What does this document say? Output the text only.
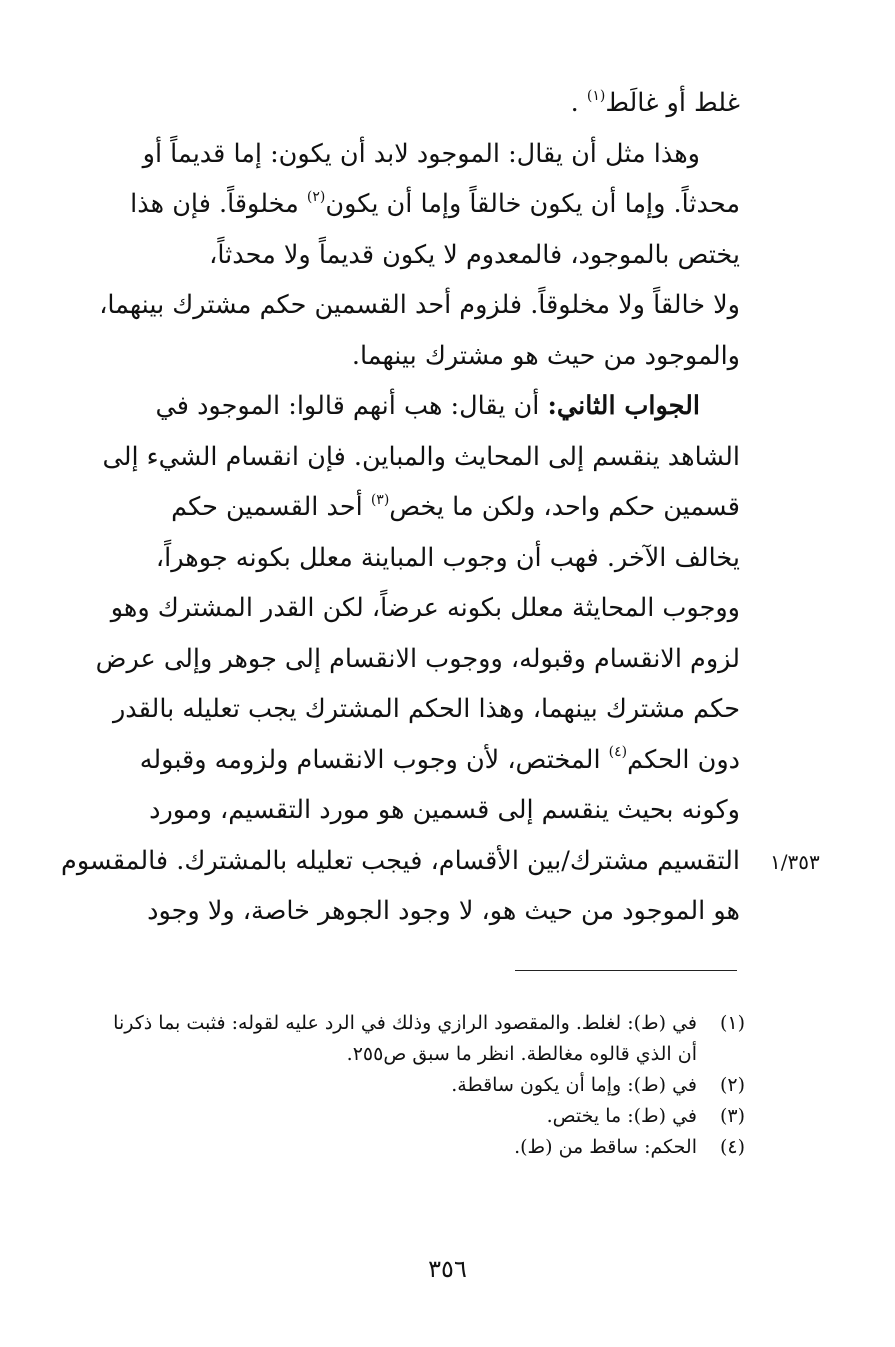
غلط أو غالَط$^{(١)}$ .
وهذا مثل أن يقال: الموجود لابد أن يكون: إما قديماً أو
محدثاً. وإما أن يكون خالقاً وإما أن يكون$^{(٢)}$ مخلوقاً. فإن هذا
يختص بالموجود، فالمعدوم لا يكون قديماً ولا محدثاً،
ولا خالقاً ولا مخلوقاً. فلزوم أحد القسمين حكم مشترك بينهما،
والموجود من حيث هو مشترك بينهما.
الجواب الثاني: أن يقال: هب أنهم قالوا: الموجود في
الشاهد ينقسم إلى المحايث والمباين. فإن انقسام الشيء إلى
قسمين حكم واحد، ولكن ما يخص$^{(٣)}$ أحد القسمين حكم
يخالف الآخر. فهب أن وجوب المباينة معلل بكونه جوهراً،
ووجوب المحايثة معلل بكونه عرضاً، لكن القدر المشترك وهو
لزوم الانقسام وقبوله، ووجوب الانقسام إلى جوهر وإلى عرض
حكم مشترك بينهما، وهذا الحكم المشترك يجب تعليله بالقدر
دون الحكم$^{(٤)}$ المختص، لأن وجوب الانقسام ولزومه وقبوله
وكونه بحيث ينقسم إلى قسمين هو مورد التقسيم، ومورد
التقسيم مشترك/بين الأقسام، فيجب تعليله بالمشترك. فالمقسوم
هو الموجود من حيث هو، لا وجود الجوهر خاصة، ولا وجود
١/٣٥٣
(١)
في (ط): لغلط. والمقصود الرازي وذلك في الرد عليه لقوله: فثبت بما ذكرنا
أن الذي قالوه مغالطة. انظر ما سبق ص٢٥٥.
(٢)
في (ط): وإما أن يكون ساقطة.
(٣)
في (ط): ما يختص.
(٤)
الحكم: ساقط من (ط).
٣٥٦
